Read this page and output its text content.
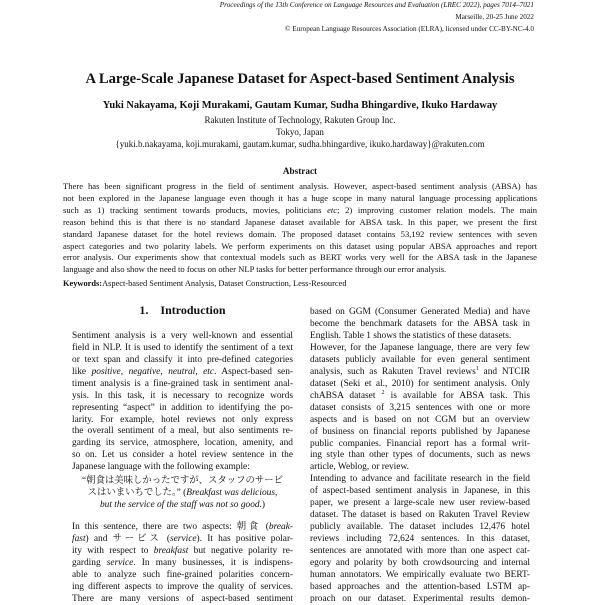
Proceedings of the 13th Conference on Language Resources and Evaluation (LREC 2022), pages 7014–7021
Marseille, 20-25 June 2022
© European Language Resources Association (ELRA), licensed under CC-BY-NC-4.0
A Large-Scale Japanese Dataset for Aspect-based Sentiment Analysis
Yuki Nakayama, Koji Murakami, Gautam Kumar, Sudha Bhingardive, Ikuko Hardaway
Rakuten Institute of Technology, Rakuten Group Inc.
Tokyo, Japan
{yuki.b.nakayama, koji.murakami, gautam.kumar, sudha.bhingardive, ikuko.hardaway}@rakuten.com
Abstract
There has been significant progress in the field of sentiment analysis. However, aspect-based sentiment analysis (ABSA) has
not been explored in the Japanese language even though it has a huge scope in many natural language processing applications
such as 1) tracking sentiment towards products, movies, politicians etc; 2) improving customer relation models. The main
reason behind this is that there is no standard Japanese dataset available for ABSA task. In this paper, we present the first
standard Japanese dataset for the hotel reviews domain. The proposed dataset contains 53,192 review sentences with seven
aspect categories and two polarity labels. We perform experiments on this dataset using popular ABSA approaches and report
error analysis. Our experiments show that contextual models such as BERT works very well for the ABSA task in the Japanese
language and also show the need to focus on other NLP tasks for better performance through our error analysis.
Keywords:Aspect-based Sentiment Analysis, Dataset Construction, Less-Resourced
1. Introduction
Sentiment analysis is a very well-known and essential
field in NLP. It is used to identify the sentiment of a text
or text span and classify it into pre-defined categories
like positive, negative, neutral, etc. Aspect-based sen-
timent analysis is a fine-grained task in sentiment anal-
ysis. In this task, it is necessary to recognize words
representing “aspect” in addition to identifying the po-
larity. For example, hotel reviews not only express
the overall sentiment of a meal, but also sentiments re-
garding its service, atmosphere, location, amenity, and
so on. Let us consider a hotel review sentence in the
Japanese language with the following example:
“朝食は美味しかったですが、スタッフのサービ
スはいまいちでした。” (Breakfast was delicious,
but the service of the staff was not so good.)
In this sentence, there are two aspects: 朝食 (break-
fast) and サービス (service). It has positive polar-
ity with respect to breakfast but negative polarity re-
garding service. In many businesses, it is indispens-
able to analyze such fine-grained polarities concern-
ing different aspects to improve the quality of services.
There are many versions of aspect-based sentiment
based on GGM (Consumer Generated Media) and have
become the benchmark datasets for the ABSA task in
English. Table 1 shows the statistics of these datasets.
However, for the Japanese language, there are very few
datasets publicly available for even general sentiment
analysis, such as Rakuten Travel reviews$^1$ and NTCIR
dataset (Seki et al., 2010) for sentiment analysis. Only
chABSA dataset $^2$ is available for ABSA task. This
dataset consists of 3,215 sentences with one or more
aspects and is based on not CGM but an overview
of business on financial reports published by Japanese
public companies. Financial report has a formal writ-
ing style than other types of documents, such as news
article, Weblog, or review.
Intending to advance and facilitate research in the field
of aspect-based sentiment analysis in Japanese, in this
paper, we present a large-scale new user review-based
dataset. The dataset is based on Rakuten Travel Review
publicly available. The dataset includes 12,476 hotel
reviews including 72,624 sentences. In this dataset,
sentences are annotated with more than one aspect cat-
egory and polarity by both crowdsourcing and internal
human annotators. We empirically evaluate two BERT-
based approaches and the attention-based LSTM ap-
proach on our dataset. Experimental results demon-
